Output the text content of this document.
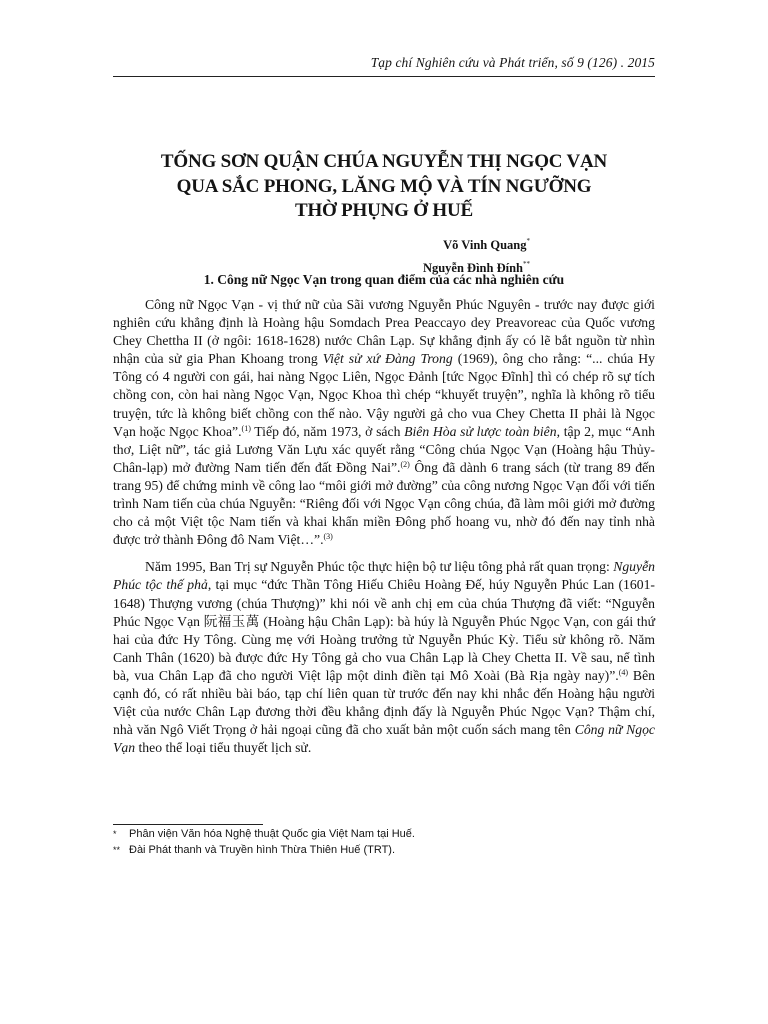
Tạp chí Nghiên cứu và Phát triển, số 9 (126) . 2015
TỐNG SƠN QUẬN CHÚA NGUYỄN THỊ NGỌC VẠN
QUA SẮC PHONG, LĂNG MỘ VÀ TÍN NGƯỠNG
THỜ PHỤNG Ở HUẾ
Võ Vinh Quang*
Nguyễn Đình Đính**
1. Công nữ Ngọc Vạn trong quan điểm của các nhà nghiên cứu

Công nữ Ngọc Vạn - vị thứ nữ của Sãi vương Nguyễn Phúc Nguyên - trước nay được giới nghiên cứu khẳng định là Hoàng hậu Somdach Prea Peaccayo dey Preavoreac của Quốc vương Chey Chettha II (ở ngôi: 1618-1628) nước Chân Lạp. Sự khẳng định ấy có lẽ bắt nguồn từ nhìn nhận của sử gia Phan Khoang trong Việt sử xứ Đàng Trong (1969), ông cho rằng: “... chúa Hy Tông có 4 người con gái, hai nàng Ngọc Liên, Ngọc Đảnh [tức Ngọc Đĩnh] thì có chép rõ sự tích chồng con, còn hai nàng Ngọc Vạn, Ngọc Khoa thì chép “khuyết truyện”, nghĩa là không rõ tiểu truyện, tức là không biết chồng con thế nào. Vậy người gả cho vua Chey Chetta II phải là Ngọc Vạn hoặc Ngọc Khoa”.$^{(1)}$ Tiếp đó, năm 1973, ở sách Biên Hòa sử lược toàn biên, tập 2, mục “Anh thơ, Liệt nữ”, tác giả Lương Văn Lựu xác quyết rằng “Công chúa Ngọc Vạn (Hoàng hậu Thủy-Chân-lạp) mở đường Nam tiến đến đất Đồng Nai”.$^{(2)}$ Ông đã dành 6 trang sách (từ trang 89 đến trang 95) để chứng minh về công lao “môi giới mở đường” của công nương Ngọc Vạn đối với tiến trình Nam tiến của chúa Nguyễn: “Riêng đối với Ngọc Vạn công chúa, đã làm môi giới mở đường cho cả một Việt tộc Nam tiến và khai khẩn miền Đông phố hoang vu, nhờ đó đến nay tỉnh nhà được trở thành Đông đô Nam Việt…”.$^{(3)}$

Năm 1995, Ban Trị sự Nguyễn Phúc tộc thực hiện bộ tư liệu tông phả rất quan trọng: Nguyễn Phúc tộc thế phả, tại mục “đức Thần Tông Hiếu Chiêu Hoàng Đế, húy Nguyễn Phúc Lan (1601-1648) Thượng vương (chúa Thượng)” khi nói về anh chị em của chúa Thượng đã viết: “Nguyễn Phúc Ngọc Vạn 阮福玉萬 (Hoàng hậu Chân Lạp): bà húy là Nguyễn Phúc Ngọc Vạn, con gái thứ hai của đức Hy Tông. Cùng mẹ với Hoàng trưởng tử Nguyễn Phúc Kỳ. Tiểu sử không rõ. Năm Canh Thân (1620) bà được đức Hy Tông gả cho vua Chân Lạp là Chey Chetta II. Về sau, nể tình bà, vua Chân Lạp đã cho người Việt lập một dinh điền tại Mô Xoài (Bà Rịa ngày nay)”.$^{(4)}$ Bên cạnh đó, có rất nhiều bài báo, tạp chí liên quan từ trước đến nay khi nhắc đến Hoàng hậu người Việt của nước Chân Lạp đương thời đều khẳng định đấy là Nguyễn Phúc Ngọc Vạn? Thậm chí, nhà văn Ngô Viết Trọng ở hải ngoại cũng đã cho xuất bản một cuốn sách mang tên Công nữ Ngọc Vạn theo thể loại tiểu thuyết lịch sử.

*	Phân viện Văn hóa Nghệ thuật Quốc gia Việt Nam tại Huế.
** Đài Phát thanh và Truyền hình Thừa Thiên Huế (TRT).
